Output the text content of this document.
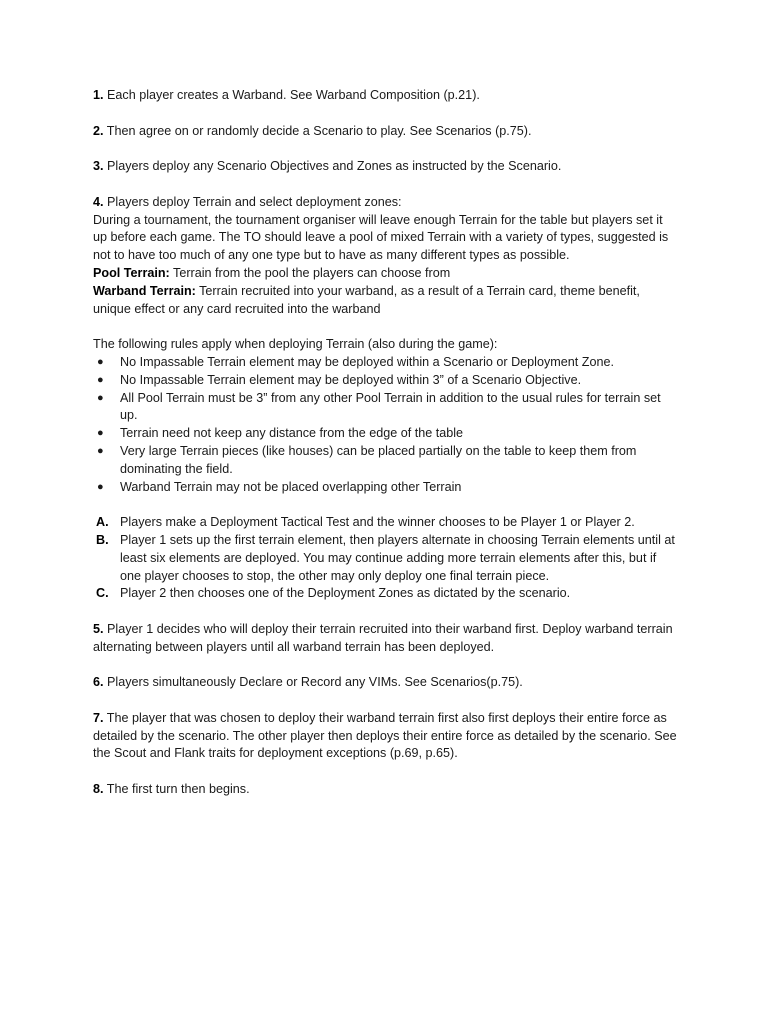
1. Each player creates a Warband. See Warband Composition (p.21).

2. Then agree on or randomly decide a Scenario to play. See Scenarios (p.75).

3. Players deploy any Scenario Objectives and Zones as instructed by the Scenario.

4. Players deploy Terrain and select deployment zones:

During a tournament, the tournament organiser will leave enough Terrain for the table but players set it up before each game. The TO should leave a pool of mixed Terrain with a variety of types, suggested is not to have too much of any one type but to have as many different types as possible.

Pool Terrain: Terrain from the pool the players can choose from

Warband Terrain: Terrain recruited into your warband, as a result of a Terrain card, theme benefit, unique effect or any card recruited into the warband

The following rules apply when deploying Terrain (also during the game):

● No Impassable Terrain element may be deployed within a Scenario or Deployment Zone.
● No Impassable Terrain element may be deployed within 3” of a Scenario Objective.
● All Pool Terrain must be 3” from any other Pool Terrain in addition to the usual rules for terrain set up.
● Terrain need not keep any distance from the edge of the table
● Very large Terrain pieces (like houses) can be placed partially on the table to keep them from dominating the field.
● Warband Terrain may not be placed overlapping other Terrain
A. Players make a Deployment Tactical Test and the winner chooses to be Player 1 or Player 2.
B. Player 1 sets up the first terrain element, then players alternate in choosing Terrain elements until at least six elements are deployed. You may continue adding more terrain elements after this, but if one player chooses to stop, the other may only deploy one final terrain piece.
C. Player 2 then chooses one of the Deployment Zones as dictated by the scenario.

5. Player 1 decides who will deploy their terrain recruited into their warband first. Deploy warband terrain alternating between players until all warband terrain has been deployed.

6. Players simultaneously Declare or Record any VIMs. See Scenarios(p.75).

7. The player that was chosen to deploy their warband terrain first also first deploys their entire force as detailed by the scenario. The other player then deploys their entire force as detailed by the scenario. See the Scout and Flank traits for deployment exceptions (p.69, p.65).

8. The first turn then begins.
